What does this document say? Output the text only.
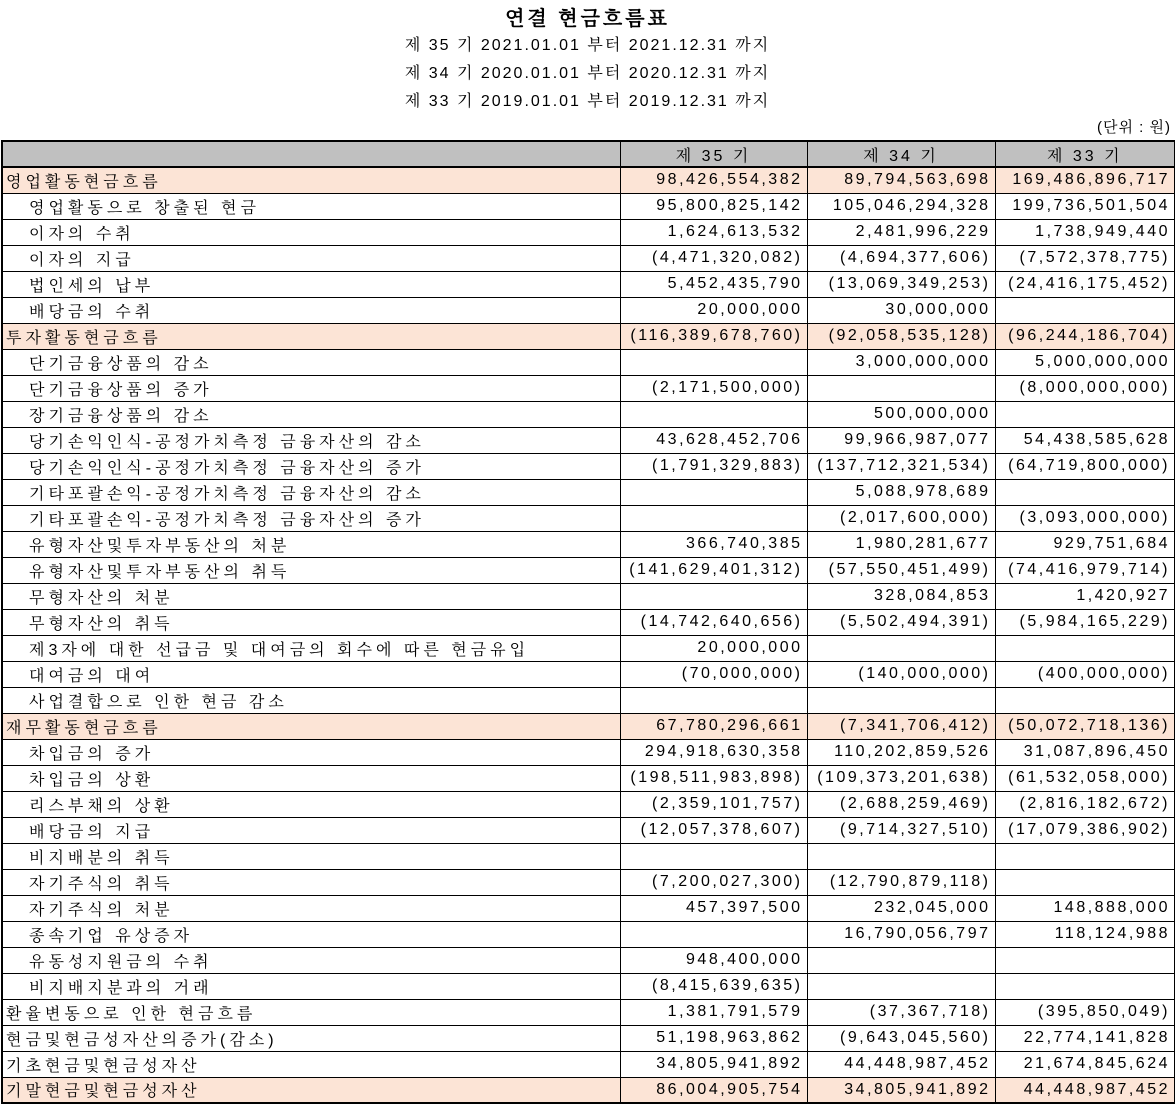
연결 현금흐름표
제 35 기 2021.01.01 부터 2021.12.31 까지
제 34 기 2020.01.01 부터 2020.12.31 까지
제 33 기 2019.01.01 부터 2019.12.31 까지
(단위 : 원)
	제 35 기	제 34 기	제 33 기
영업활동현금흐름	98,426,554,382	89,794,563,698	169,486,896,717
영업활동으로 창출된 현금	95,800,825,142	105,046,294,328	199,736,501,504
이자의 수취	1,624,613,532	2,481,996,229	1,738,949,440
이자의 지급	(4,471,320,082)	(4,694,377,606)	(7,572,378,775)
법인세의 납부	5,452,435,790	(13,069,349,253)	(24,416,175,452)
배당금의 수취	20,000,000	30,000,000	
투자활동현금흐름	(116,389,678,760)	(92,058,535,128)	(96,244,186,704)
단기금융상품의 감소		3,000,000,000	5,000,000,000
단기금융상품의 증가	(2,171,500,000)		(8,000,000,000)
장기금융상품의 감소		500,000,000	
당기손익인식-공정가치측정 금융자산의 감소	43,628,452,706	99,966,987,077	54,438,585,628
당기손익인식-공정가치측정 금융자산의 증가	(1,791,329,883)	(137,712,321,534)	(64,719,800,000)
기타포괄손익-공정가치측정 금융자산의 감소		5,088,978,689	
기타포괄손익-공정가치측정 금융자산의 증가		(2,017,600,000)	(3,093,000,000)
유형자산및투자부동산의 처분	366,740,385	1,980,281,677	929,751,684
유형자산및투자부동산의 취득	(141,629,401,312)	(57,550,451,499)	(74,416,979,714)
무형자산의 처분		328,084,853	1,420,927
무형자산의 취득	(14,742,640,656)	(5,502,494,391)	(5,984,165,229)
제3자에 대한 선급금 및 대여금의 회수에 따른 현금유입	20,000,000		
대여금의 대여	(70,000,000)	(140,000,000)	(400,000,000)
사업결합으로 인한 현금 감소			
재무활동현금흐름	67,780,296,661	(7,341,706,412)	(50,072,718,136)
차입금의 증가	294,918,630,358	110,202,859,526	31,087,896,450
차입금의 상환	(198,511,983,898)	(109,373,201,638)	(61,532,058,000)
리스부채의 상환	(2,359,101,757)	(2,688,259,469)	(2,816,182,672)
배당금의 지급	(12,057,378,607)	(9,714,327,510)	(17,079,386,902)
비지배분의 취득			
자기주식의 취득	(7,200,027,300)	(12,790,879,118)	
자기주식의 처분	457,397,500	232,045,000	148,888,000
종속기업 유상증자		16,790,056,797	118,124,988
유동성지원금의 수취	948,400,000		
비지배지분과의 거래	(8,415,639,635)		
환율변동으로 인한 현금흐름	1,381,791,579	(37,367,718)	(395,850,049)
현금및현금성자산의증가(감소)	51,198,963,862	(9,643,045,560)	22,774,141,828
기초현금및현금성자산	34,805,941,892	44,448,987,452	21,674,845,624
기말현금및현금성자산	86,004,905,754	34,805,941,892	44,448,987,452
